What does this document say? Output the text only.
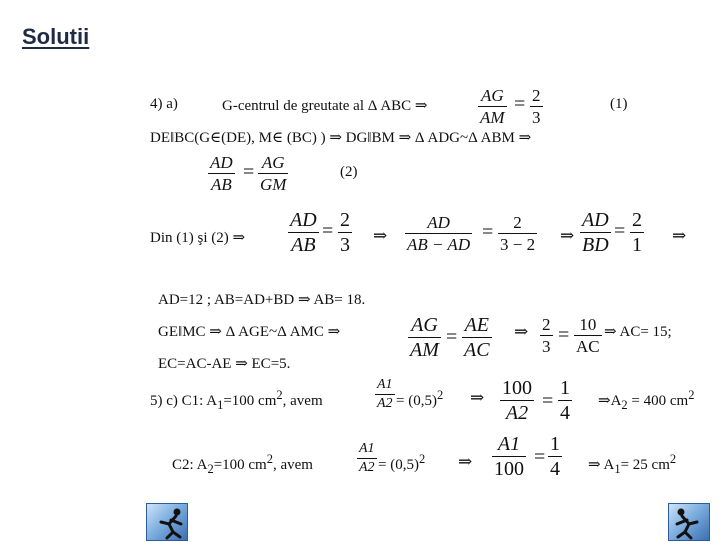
Solutii
4) a)	G-centrul de greutate al Δ ABC ⇒
AG
AM
= 2
3
(1)
DE‖BC(G∈(DE), M∈ (BC) ) ⇒ DG‖BM ⇒ Δ ADG~Δ ABM ⇒
AD
AB
= AG
GM
(2)
Din (1) şi (2) ⇒
AD
AB
= 2
3 ⇒
AD
AB − AD
= 2
3 − 2 ⇒
AD
BD
= 2
1 ⇒
AD=12 ; AB=AD+BD ⇒ AB= 18.
GE‖MC ⇒ Δ AGE~Δ AMC ⇒	AG
AM
=
AE
AC
⇒ 2
3
= 10
AC
⇒ AC= 15;
EC=AC-AE ⇒ EC=5.
5) c) C1: $A_1=100$ $cm^2$, avem
A1
$A2 = (0,5)^2$ ⇒ 100
A2
=
1
4
$\Rightarrow A_2 = 400$ $cm^2$
C2: $A_2=100$ $cm^2$, avem
A1
$A2 = (0,5)^2$ ⇒
A1
100
=
1
4 ⇒ $A_1= 25$ $cm^2$
